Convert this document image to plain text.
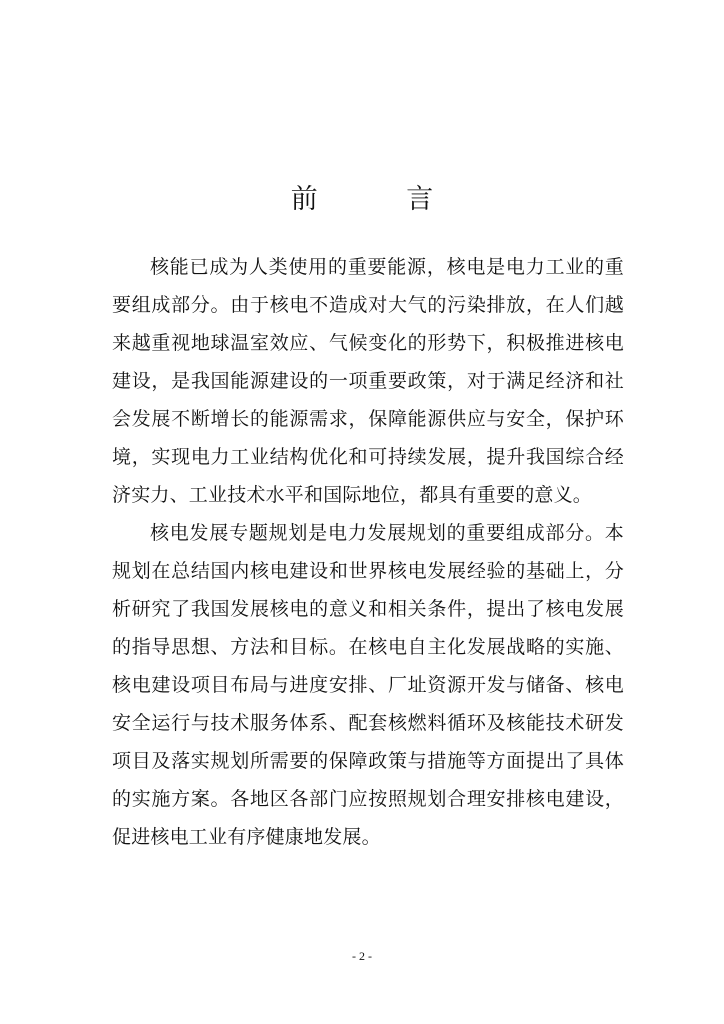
前 言

核能已成为人类使用的重要能源，核电是电力工业的重要组成部分。由于核电不造成对大气的污染排放，在人们越来越重视地球温室效应、气候变化的形势下，积极推进核电建设，是我国能源建设的一项重要政策，对于满足经济和社会发展不断增长的能源需求，保障能源供应与安全，保护环境，实现电力工业结构优化和可持续发展，提升我国综合经济实力、工业技术水平和国际地位，都具有重要的意义。

核电发展专题规划是电力发展规划的重要组成部分。本规划在总结国内核电建设和世界核电发展经验的基础上，分析研究了我国发展核电的意义和相关条件，提出了核电发展的指导思想、方法和目标。在核电自主化发展战略的实施、核电建设项目布局与进度安排、厂址资源开发与储备、核电安全运行与技术服务体系、配套核燃料循环及核能技术研发项目及落实规划所需要的保障政策与措施等方面提出了具体的实施方案。各地区各部门应按照规划合理安排核电建设，促进核电工业有序健康地发展。

- 2 -
